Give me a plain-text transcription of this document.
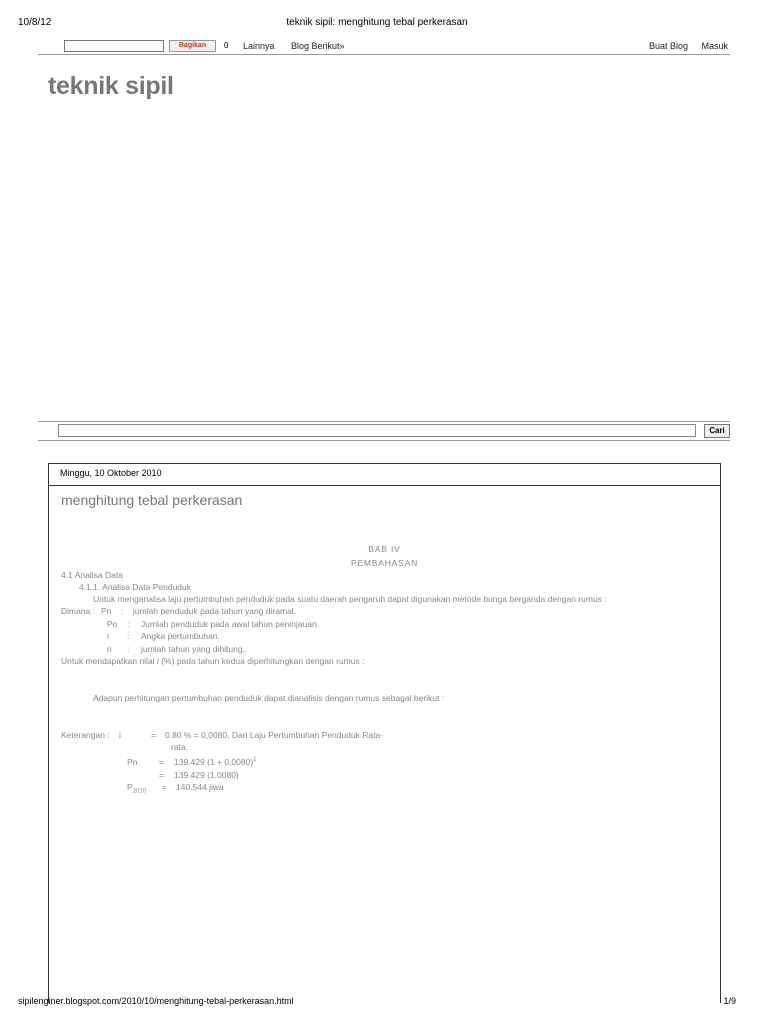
10/8/12	teknik sipil: menghitung tebal perkerasan
Bagikan	0 Lainnya Blog Berikut»	Buat Blog Masuk
teknik sipil
Cari
Minggu, 10 Oktober 2010
menghitung tebal perkerasan
BAB IV
PEMBAHASAN
4.1 Analisa Data
4.1.1. Analisa Data Penduduk
Untuk menganalisa laju pertumbuhan penduduk pada suatu daerah pengaruh dapat digunakan metode bunga berganda dengan rumus :
Dimana : Pn : jumlah penduduk pada tahun yang diramal.
Po : Jumlah penduduk pada awal tahun peninjauan.
i : Angka pertumbuhan.
n : jumlah tahun yang dihitung,.
Untuk mendapatkan nilai i (%) pada tahun kedua diperhitungkan dengan rumus :
Adapun perhitungan pertumbuhan penduduk dapat dianalisis dengan rumus sebagai berikut :
Keterangan : i	= 0,80 % = 0,0080, Dari Laju Pertumbuhan Penduduk Rata-
rata.
Pn	= 139.429 $(1 + 0,0080)^1$
= 139.429 (1,0080)
$P_{2010} = 140.544$ jiwa
sipilenginer.blogspot.com/2010/10/menghitung-tebal-perkerasan.html	1/9
